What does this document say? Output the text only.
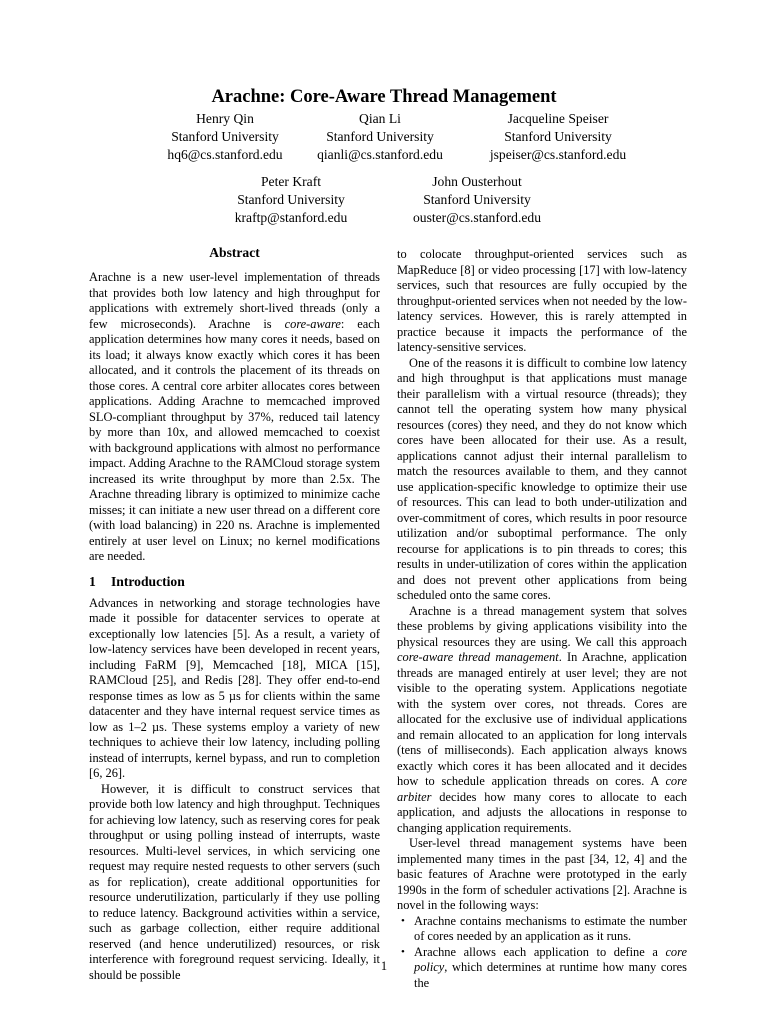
Arachne: Core-Aware Thread Management
Henry Qin
Stanford University
hq6@cs.stanford.edu
Qian Li
Stanford University
qianli@cs.stanford.edu
Jacqueline Speiser
Stanford University
jspeiser@cs.stanford.edu
Peter Kraft
Stanford University
kraftp@stanford.edu
John Ousterhout
Stanford University
ouster@cs.stanford.edu
Abstract

Arachne is a new user-level implementation of threads that provides both low latency and high throughput for applications with extremely short-lived threads (only a few microseconds). Arachne is core-aware: each application determines how many cores it needs, based on its load; it always know exactly which cores it has been allocated, and it controls the placement of its threads on those cores. A central core arbiter allocates cores between applications. Adding Arachne to memcached improved SLO-compliant throughput by 37%, reduced tail latency by more than 10x, and allowed memcached to coexist with background applications with almost no performance impact. Adding Arachne to the RAMCloud storage system increased its write throughput by more than 2.5x. The Arachne threading library is optimized to minimize cache misses; it can initiate a new user thread on a different core (with load balancing) in 220 ns. Arachne is implemented entirely at user level on Linux; no kernel modifications are needed.

1 Introduction

Advances in networking and storage technologies have made it possible for datacenter services to operate at exceptionally low latencies [5]. As a result, a variety of low-latency services have been developed in recent years, including FaRM [9], Memcached [18], MICA [15], RAMCloud [25], and Redis [28]. They offer end-to-end response times as low as 5 µs for clients within the same datacenter and they have internal request service times as low as 1–2 µs. These systems employ a variety of new techniques to achieve their low latency, including polling instead of interrupts, kernel bypass, and run to completion [6, 26].

However, it is difficult to construct services that provide both low latency and high throughput. Techniques for achieving low latency, such as reserving cores for peak throughput or using polling instead of interrupts, waste resources. Multi-level services, in which servicing one request may require nested requests to other servers (such as for replication), create additional opportunities for resource underutilization, particularly if they use polling to reduce latency. Background activities within a service, such as garbage collection, either require additional reserved (and hence underutilized) resources, or risk interference with foreground request servicing. Ideally, it should be possible

to colocate throughput-oriented services such as MapReduce [8] or video processing [17] with low-latency services, such that resources are fully occupied by the throughput-oriented services when not needed by the low-latency services. However, this is rarely attempted in practice because it impacts the performance of the latency-sensitive services.

One of the reasons it is difficult to combine low latency and high throughput is that applications must manage their parallelism with a virtual resource (threads); they cannot tell the operating system how many physical resources (cores) they need, and they do not know which cores have been allocated for their use. As a result, applications cannot adjust their internal parallelism to match the resources available to them, and they cannot use application-specific knowledge to optimize their use of resources. This can lead to both under-utilization and over-commitment of cores, which results in poor resource utilization and/or suboptimal performance. The only recourse for applications is to pin threads to cores; this results in under-utilization of cores within the application and does not prevent other applications from being scheduled onto the same cores.

Arachne is a thread management system that solves these problems by giving applications visibility into the physical resources they are using. We call this approach core-aware thread management. In Arachne, application threads are managed entirely at user level; they are not visible to the operating system. Applications negotiate with the system over cores, not threads. Cores are allocated for the exclusive use of individual applications and remain allocated to an application for long intervals (tens of milliseconds). Each application always knows exactly which cores it has been allocated and it decides how to schedule application threads on cores. A core arbiter decides how many cores to allocate to each application, and adjusts the allocations in response to changing application requirements.

User-level thread management systems have been implemented many times in the past [34, 12, 4] and the basic features of Arachne were prototyped in the early 1990s in the form of scheduler activations [2]. Arachne is novel in the following ways:

• Arachne contains mechanisms to estimate the number of cores needed by an application as it runs.
• Arachne allows each application to define a core policy, which determines at runtime how many cores the
1
